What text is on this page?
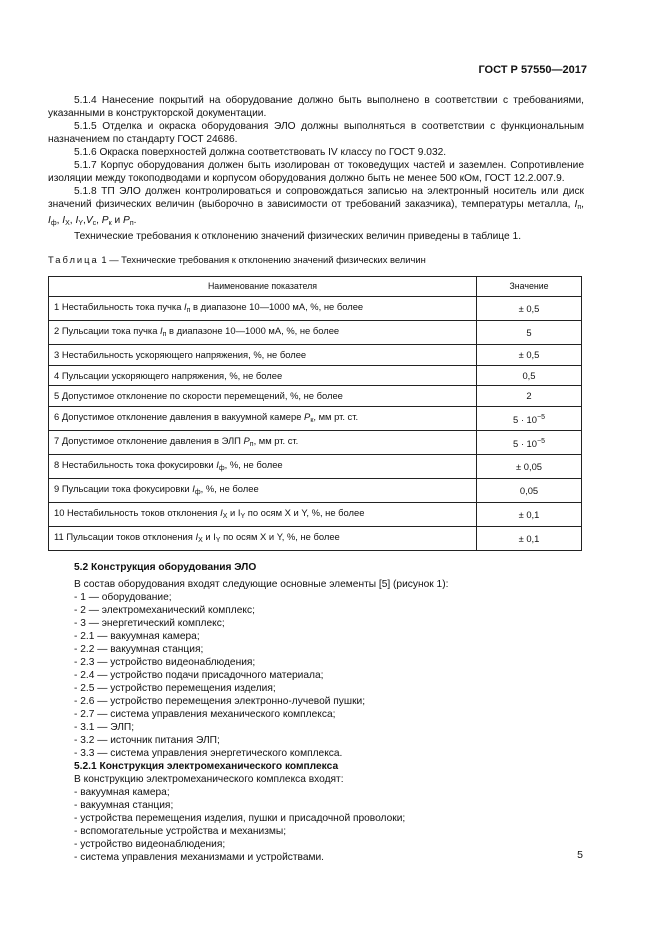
ГОСТ Р 57550—2017

5.1.4 Нанесение покрытий на оборудование должно быть выполнено в соответствии с требованиями, указанными в конструкторской документации.

5.1.5 Отделка и окраска оборудования ЭЛО должны выполняться в соответствии с функциональным назначением по стандарту ГОСТ 24686.

5.1.6 Окраска поверхностей должна соответствовать IV классу по ГОСТ 9.032.

5.1.7 Корпус оборудования должен быть изолирован от токоведущих частей и заземлен. Сопротивление изоляции между токоподводами и корпусом оборудования должно быть не менее 500 кОм, ГОСТ 12.2.007.9.

5.1.8 ТП ЭЛО должен контролироваться и сопровождаться записью на электронный носитель или диск значений физических величин (выборочно в зависимости от требований заказчика), температуры металла, $I_п$, $I_ф$, $I_X$, $I_Y,V_с$, $P_к$ и $P_п$.

Технические требования к отклонению значений физических величин приведены в таблице 1.

Таблица 1 — Технические требования к отклонению значений физических величин
Наименование показателя	Значение
1 Нестабильность тока пучка $I_п$ в диапазоне 10—1000 мА, %, не более	± 0,5
2 Пульсации тока пучка $I_п$ в диапазоне 10—1000 мА, %, не более	5
3 Нестабильность ускоряющего напряжения, %, не более	± 0,5
4 Пульсации ускоряющего напряжения, %, не более	0,5
5 Допустимое отклонение по скорости перемещений, %, не более	2
6 Допустимое отклонение давления в вакуумной камере $P_к$, мм рт. ст.	$5 \cdot 10^{-5}$
7 Допустимое отклонение давления в ЭЛП $P_п$, мм рт. ст.	$5 \cdot 10^{-5}$
8 Нестабильность тока фокусировки $I_ф$, %, не более	± 0,05
9 Пульсации тока фокусировки $I_ф$, %, не более	0,05
10 Нестабильность токов отклонения $I_X$ и $I_Y$ по осям X и Y, %, не более	± 0,1
11 Пульсации токов отклонения $I_X$ и $I_Y$ по осям X и Y, %, не более	± 0,1
5.2 Конструкция оборудования ЭЛО
В состав оборудования входят следующие основные элементы [5] (рисунок 1):
- 1 — оборудование;
- 2 — электромеханический комплекс;
- 3 — энергетический комплекс;
- 2.1 — вакуумная камера;
- 2.2 — вакуумная станция;
- 2.3 — устройство видеонаблюдения;
- 2.4 — устройство подачи присадочного материала;
- 2.5 — устройство перемещения изделия;
- 2.6 — устройство перемещения электронно-лучевой пушки;
- 2.7 — система управления механического комплекса;
- 3.1 — ЭЛП;
- 3.2 — источник питания ЭЛП;
- 3.3 — система управления энергетического комплекса.
5.2.1 Конструкция электромеханического комплекса
В конструкцию электромеханического комплекса входят:
- вакуумная камера;
- вакуумная станция;
- устройства перемещения изделия, пушки и присадочной проволоки;
- вспомогательные устройства и механизмы;
- устройство видеонаблюдения;
- система управления механизмами и устройствами.	5
